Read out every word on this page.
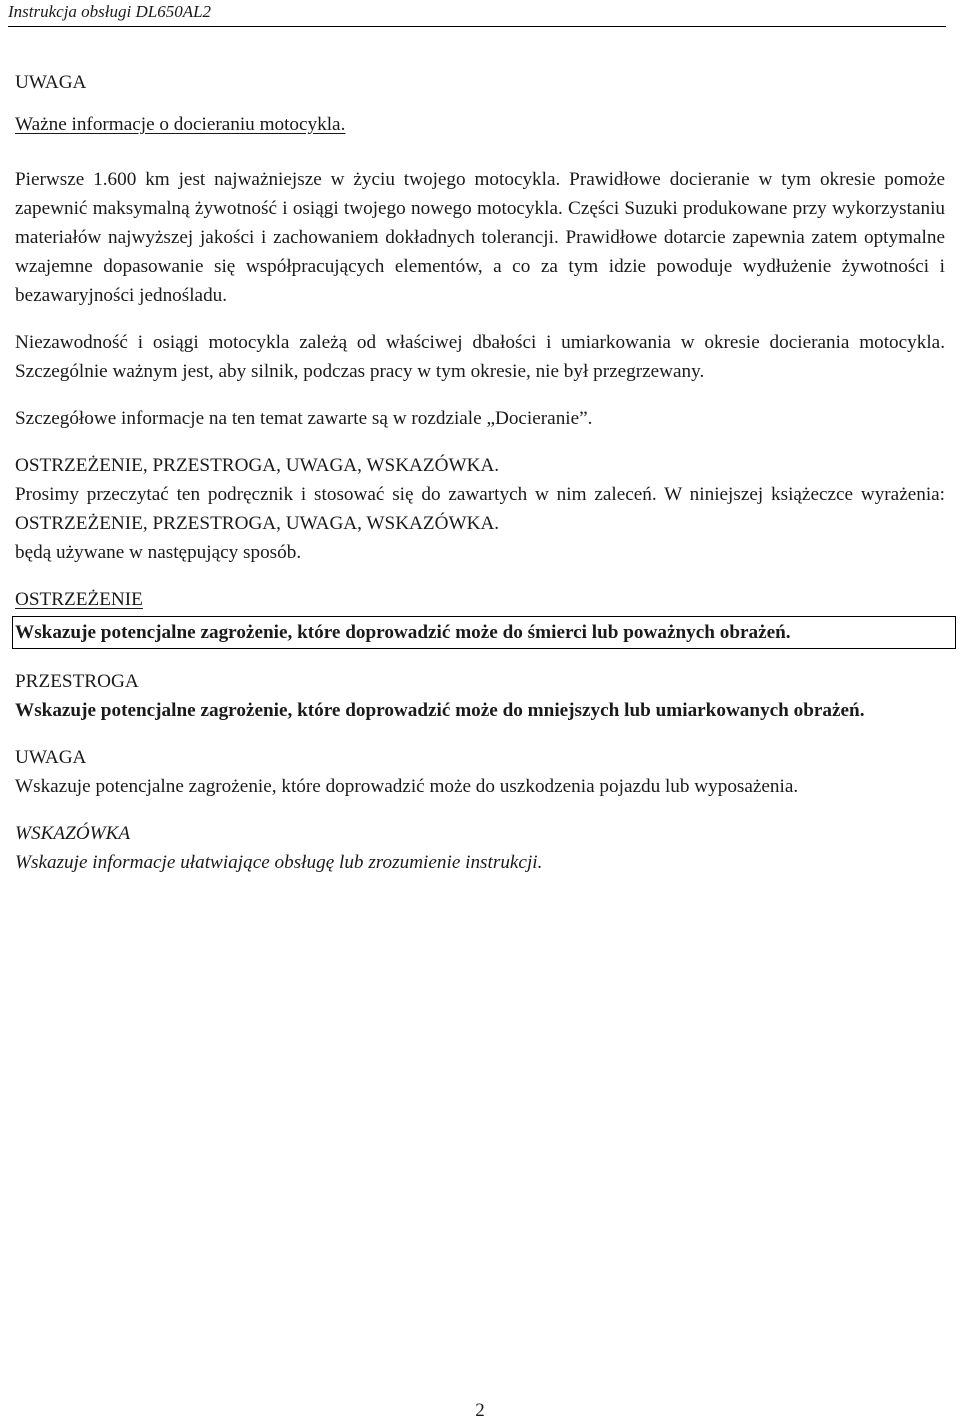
Instrukcja obsługi DL650AL2

UWAGA

Ważne informacje o docieraniu motocykla.

Pierwsze 1.600 km jest najważniejsze w życiu twojego motocykla. Prawidłowe docieranie w tym okresie pomoże zapewnić maksymalną żywotność i osiągi twojego nowego motocykla. Części Suzuki produkowane przy wykorzystaniu materiałów najwyższej jakości i zachowaniem dokładnych tolerancji. Prawidłowe dotarcie zapewnia zatem optymalne wzajemne dopasowanie się współpracujących elementów, a co za tym idzie powoduje wydłużenie żywotności i bezawaryjności jednośladu.

Niezawodność i osiągi motocykla zależą od właściwej dbałości i umiarkowania w okresie docierania motocykla. Szczególnie ważnym jest, aby silnik, podczas pracy w tym okresie, nie był przegrzewany.

Szczegółowe informacje na ten temat zawarte są w rozdziale „Docieranie”.

OSTRZEŻENIE, PRZESTROGA, UWAGA, WSKAZÓWKA.

Prosimy przeczytać ten podręcznik i stosować się do zawartych w nim zaleceń. W niniejszej książeczce wyrażenia: OSTRZEŻENIE, PRZESTROGA, UWAGA, WSKAZÓWKA.

będą używane w następujący sposób.

OSTRZEŻENIE

Wskazuje potencjalne zagrożenie, które doprowadzić może do śmierci lub poważnych obrażeń.

PRZESTROGA

Wskazuje potencjalne zagrożenie, które doprowadzić może do mniejszych lub umiarkowanych obrażeń.

UWAGA

Wskazuje potencjalne zagrożenie, które doprowadzić może do uszkodzenia pojazdu lub wyposażenia.

WSKAZÓWKA

Wskazuje informacje ułatwiające obsługę lub zrozumienie instrukcji.

2
